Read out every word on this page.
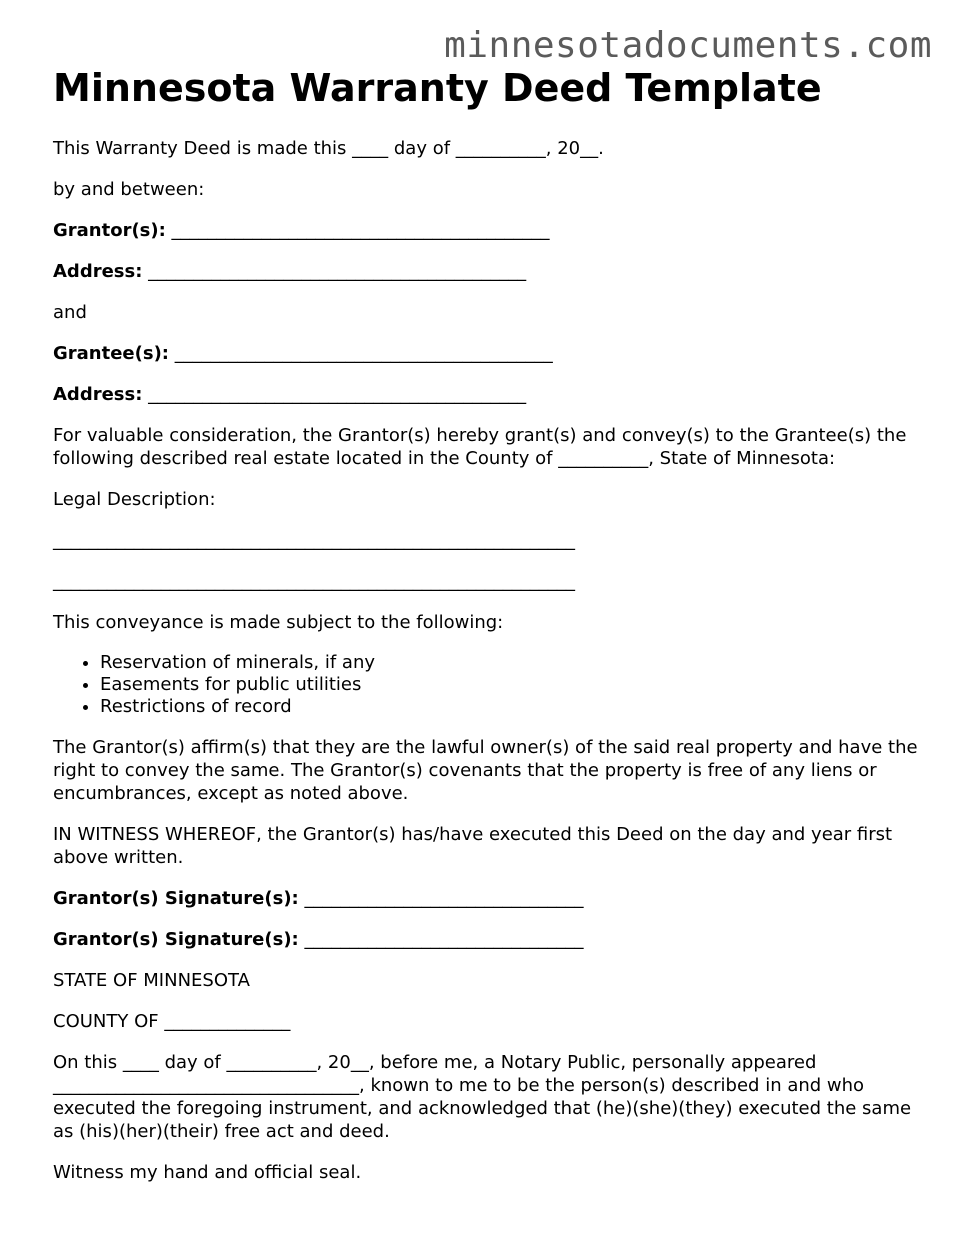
minnesotadocuments.com
Minnesota Warranty Deed Template

This Warranty Deed is made this ____ day of __________, 20__.

by and between:

Grantor(s): __________________________________________

Address: __________________________________________

and

Grantee(s): __________________________________________

Address: __________________________________________

For valuable consideration, the Grantor(s) hereby grant(s) and convey(s) to the Grantee(s) the following described real estate located in the County of __________, State of Minnesota:

Legal Description:

__________________________________________________________
__________________________________________________________

This conveyance is made subject to the following:

• Reservation of minerals, if any
• Easements for public utilities
• Restrictions of record

The Grantor(s) affirm(s) that they are the lawful owner(s) of the said real property and have the right to convey the same. The Grantor(s) covenants that the property is free of any liens or encumbrances, except as noted above.

IN WITNESS WHEREOF, the Grantor(s) has/have executed this Deed on the day and year first above written.

Grantor(s) Signature(s): _______________________________

Grantor(s) Signature(s): _______________________________

STATE OF MINNESOTA

COUNTY OF ______________

On this ____ day of __________, 20__, before me, a Notary Public, personally appeared __________________________________, known to me to be the person(s) described in and who executed the foregoing instrument, and acknowledged that (he)(she)(they) executed the same as (his)(her)(their) free act and deed.

Witness my hand and official seal.
